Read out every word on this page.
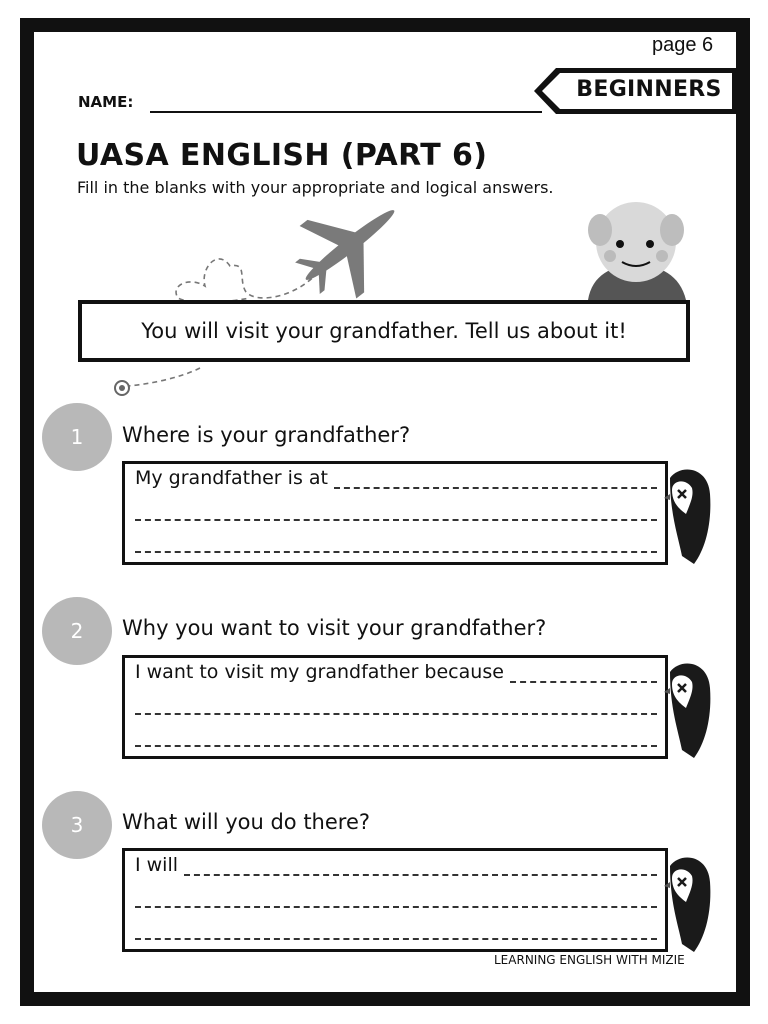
page 6
BEGINNERS
NAME:
UASA ENGLISH (PART 6)
Fill in the blanks with your appropriate and logical answers.
You will visit your grandfather. Tell us about it!
1	Where is your grandfather?
My grandfather is at
2	Why you want to visit your grandfather?
I want to visit my grandfather because
3	What will you do there?
I will
LEARNING ENGLISH WITH MIZIE
